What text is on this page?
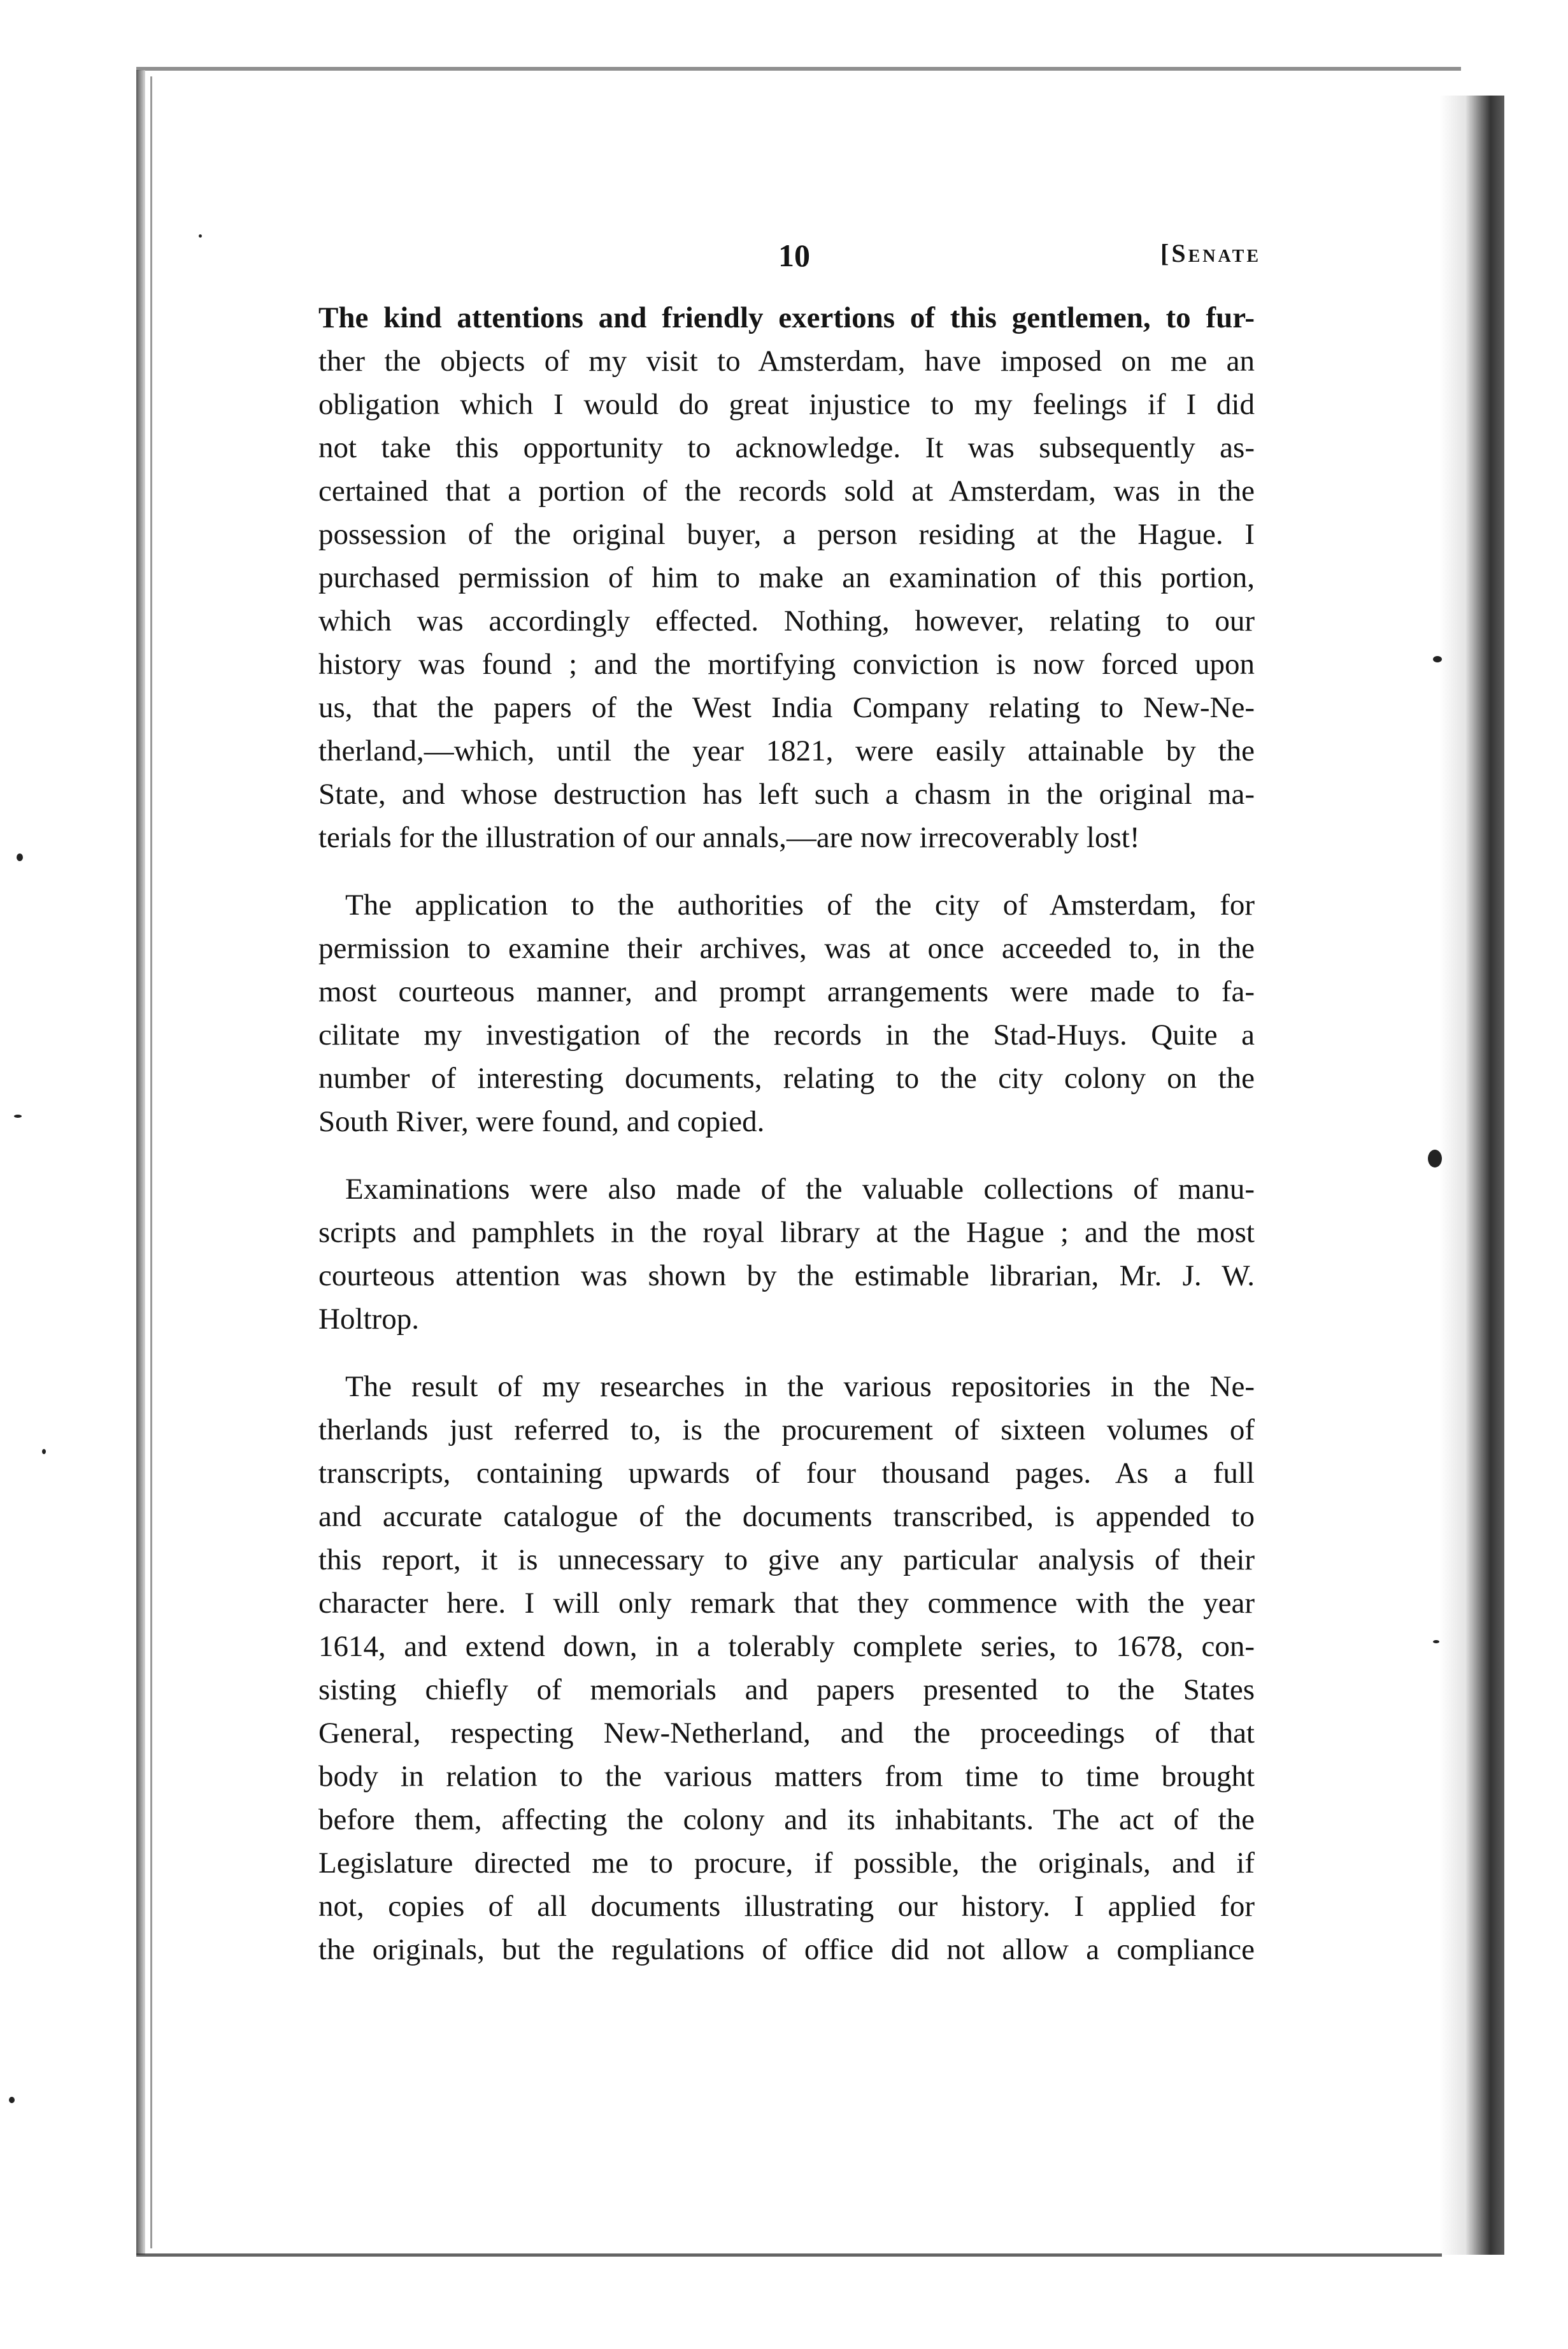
10	[Senate
The kind attentions and friendly exertions of this gentlemen, to fur-
ther the objects of my visit to Amsterdam, have imposed on me an
obligation which I would do great injustice to my feelings if I did
not take this opportunity to acknowledge. It was subsequently as-
certained that a portion of the records sold at Amsterdam, was in the
possession of the original buyer, a person residing at the Hague. I
purchased permission of him to make an examination of this portion,
which was accordingly effected. Nothing, however, relating to our
history was found ; and the mortifying conviction is now forced upon
us, that the papers of the West India Company relating to New-Ne-
therland,—which, until the year 1821, were easily attainable by the
State, and whose destruction has left such a chasm in the original ma-
terials for the illustration of our annals,—are now irrecoverably lost!
The application to the authorities of the city of Amsterdam, for
permission to examine their archives, was at once acceeded to, in the
most courteous manner, and prompt arrangements were made to fa-
cilitate my investigation of the records in the Stad-Huys. Quite a
number of interesting documents, relating to the city colony on the
South River, were found, and copied.
Examinations were also made of the valuable collections of manu-
scripts and pamphlets in the royal library at the Hague ; and the most
courteous attention was shown by the estimable librarian, Mr. J. W.
Holtrop.
The result of my researches in the various repositories in the Ne-
therlands just referred to, is the procurement of sixteen volumes of
transcripts, containing upwards of four thousand pages. As a full
and accurate catalogue of the documents transcribed, is appended to
this report, it is unnecessary to give any particular analysis of their
character here. I will only remark that they commence with the year
1614, and extend down, in a tolerably complete series, to 1678, con-
sisting chiefly of memorials and papers presented to the States
General, respecting New-Netherland, and the proceedings of that
body in relation to the various matters from time to time brought
before them, affecting the colony and its inhabitants. The act of the
Legislature directed me to procure, if possible, the originals, and if
not, copies of all documents illustrating our history. I applied for
the originals, but the regulations of office did not allow a compliance
